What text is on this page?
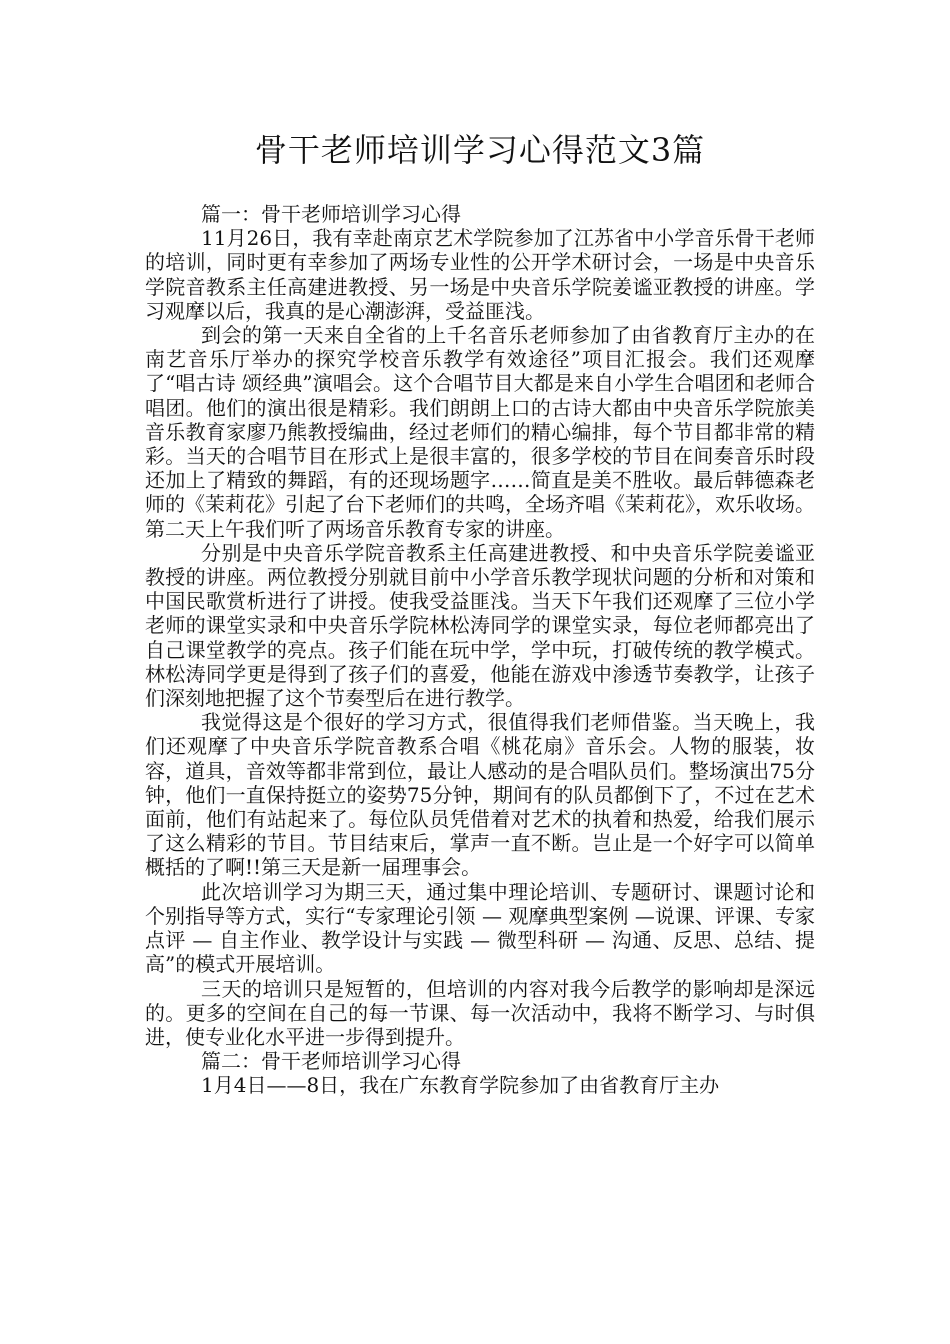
骨干老师培训学习心得范文3篇

篇一：骨干老师培训学习心得

11月26日，我有幸赴南京艺术学院参加了江苏省中小学音乐骨干老师的培训，同时更有幸参加了两场专业性的公开学术研讨会，一场是中央音乐学院音教系主任高建进教授、另一场是中央音乐学院姜谧亚教授的讲座。学习观摩以后，我真的是心潮澎湃，受益匪浅。

到会的第一天来自全省的上千名音乐老师参加了由省教育厅主办的在南艺音乐厅举办的探究学校音乐教学有效途径”项目汇报会。我们还观摩了“唱古诗 颂经典”演唱会。这个合唱节目大都是来自小学生合唱团和老师合唱团。他们的演出很是精彩。我们朗朗上口的古诗大都由中央音乐学院旅美音乐教育家廖乃熊教授编曲，经过老师们的精心编排，每个节目都非常的精彩。当天的合唱节目在形式上是很丰富的，很多学校的节目在间奏音乐时段还加上了精致的舞蹈，有的还现场题字……简直是美不胜收。最后韩德森老师的《茉莉花》引起了台下老师们的共鸣，全场齐唱《茉莉花》，欢乐收场。第二天上午我们听了两场音乐教育专家的讲座。

分别是中央音乐学院音教系主任高建进教授、和中央音乐学院姜谧亚教授的讲座。两位教授分别就目前中小学音乐教学现状问题的分析和对策和中国民歌赏析进行了讲授。使我受益匪浅。当天下午我们还观摩了三位小学老师的课堂实录和中央音乐学院林松涛同学的课堂实录，每位老师都亮出了自己课堂教学的亮点。孩子们能在玩中学，学中玩，打破传统的教学模式。林松涛同学更是得到了孩子们的喜爱，他能在游戏中渗透节奏教学，让孩子们深刻地把握了这个节奏型后在进行教学。

我觉得这是个很好的学习方式，很值得我们老师借鉴。当天晚上，我们还观摩了中央音乐学院音教系合唱《桃花扇》音乐会。人物的服装，妆容，道具，音效等都非常到位，最让人感动的是合唱队员们。整场演出75分钟，他们一直保持挺立的姿势75分钟，期间有的队员都倒下了，不过在艺术面前，他们有站起来了。每位队员凭借着对艺术的执着和热爱，给我们展示了这么精彩的节目。节目结束后，掌声一直不断。岂止是一个好字可以简单概括的了啊!!第三天是新一届理事会。

此次培训学习为期三天，通过集中理论培训、专题研讨、课题讨论和个别指导等方式，实行“专家理论引领 — 观摩典型案例 —说课、评课、专家点评 — 自主作业、教学设计与实践 — 微型科研 — 沟通、反思、总结、提高”的模式开展培训。

三天的培训只是短暂的，但培训的内容对我今后教学的影响却是深远的。更多的空间在自己的每一节课、每一次活动中，我将不断学习、与时俱进，使专业化水平进一步得到提升。

篇二：骨干老师培训学习心得

1月4日——8日，我在广东教育学院参加了由省教育厅主办
